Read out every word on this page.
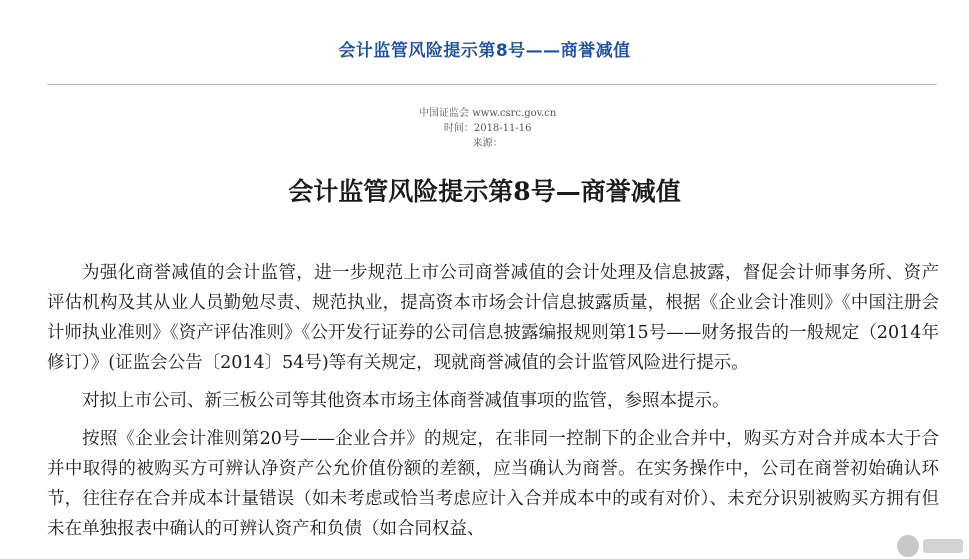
会计监管风险提示第8号——商誉减值

中国证监会 www.csrc.gov.cn
时间：2018-11-16
来源：

会计监管风险提示第8号—商誉减值

为强化商誉减值的会计监管，进一步规范上市公司商誉减值的会计处理及信息披露，督促会计师事务所、资产评估机构及其从业人员勤勉尽责、规范执业，提高资本市场会计信息披露质量，根据《企业会计准则》《中国注册会计师执业准则》《资产评估准则》《公开发行证券的公司信息披露编报规则第15号——财务报告的一般规定（2014年修订）》(证监会公告〔2014〕54号)等有关规定，现就商誉减值的会计监管风险进行提示。

对拟上市公司、新三板公司等其他资本市场主体商誉减值事项的监管，参照本提示。

按照《企业会计准则第20号——企业合并》的规定，在非同一控制下的企业合并中，购买方对合并成本大于合并中取得的被购买方可辨认净资产公允价值份额的差额，应当确认为商誉。在实务操作中，公司在商誉初始确认环节，往往存在合并成本计量错误（如未考虑或恰当考虑应计入合并成本中的或有对价）、未充分识别被购买方拥有但未在单独报表中确认的可辨认资产和负债（如合同权益、
